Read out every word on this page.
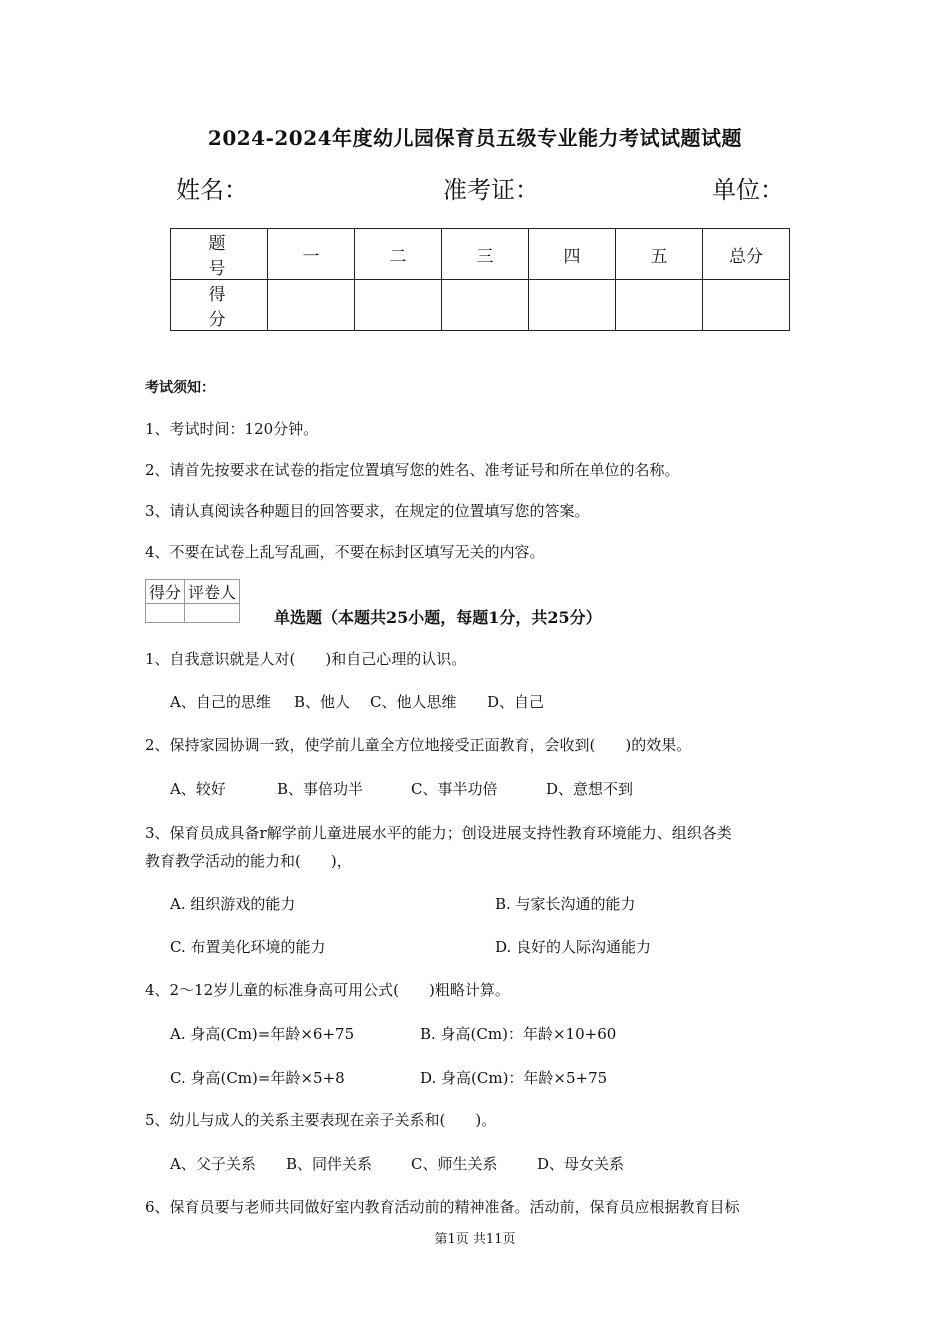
2024-2024年度幼儿园保育员五级专业能力考试试题试题
姓名：	准考证：	单位：
题　号	一	二	三	四	五	总分
得　分						
考试须知：
1、考试时间：120分钟。
2、请首先按要求在试卷的指定位置填写您的姓名、准考证号和所在单位的名称。
3、请认真阅读各种题目的回答要求，在规定的位置填写您的答案。
4、不要在试卷上乱写乱画，不要在标封区填写无关的内容。
得分	评卷人

单选题（本题共25小题，每题1分，共25分）
1、自我意识就是人对(　　)和自己心理的认识。
A、自己的思维 B、他人 C、他人思维 D、自己
2、保持家园协调一致，使学前儿童全方位地接受正面教育，会收到(　　)的效果。
A、较好	B、事倍功半	C、事半功倍	D、意想不到
3、保育员成具备r解学前儿童进展水平的能力；创设进展支持性教育环境能力、组织各类
教育教学活动的能力和(　　)，
A. 组织游戏的能力	B. 与家长沟通的能力
C. 布置美化环境的能力	D. 良好的人际沟通能力
4、2～12岁儿童的标准身高可用公式(　　)粗略计算。
A. 身高(Cm)=年龄×6+75	B. 身高(Cm)：年龄×10+60
C. 身高(Cm)=年龄×5+8	D. 身高(Cm)：年龄×5+75
5、幼儿与成人的关系主要表现在亲子关系和(　　)。
A、父子关系 B、同伴关系	C、师生关系	D、母女关系
6、保育员要与老师共同做好室内教育活动前的精神准备。活动前，保育员应根据教育目标
第1页 共11页
